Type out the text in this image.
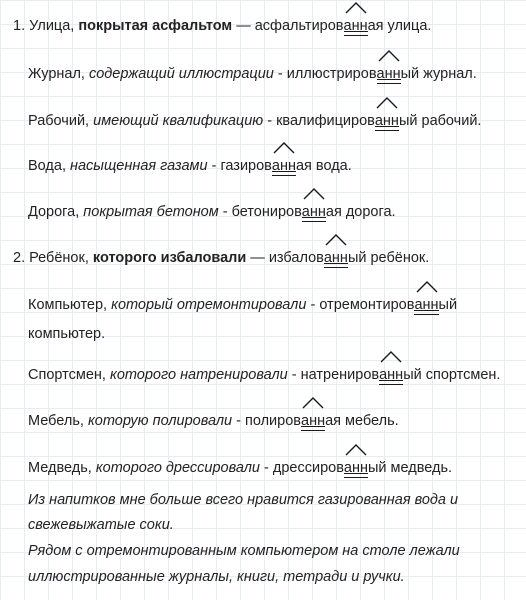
1. Улица, покрытая асфальтом — асфальтиров
анн
ая улица.
Журнал, содержащий иллюстрации - иллюстриров
анн
ый журнал.
Рабочий, имеющий квалификацию - квалифициров
анн
ый рабочий.
Вода, насыщенная газами - газиров
анн
ая вода.
Дорога, покрытая бетоном - бетониров
анн
ая дорога.
2. Ребёнок, которого избаловали — избалов
анн
ый ребёнок.
Компьютер, который отремонтировали - отремонтиров
анн
ый
компьютер.
Спортсмен, которого натренировали - натрениров
анн
ый спортсмен.
Мебель, которую полировали - полиров
анн
ая мебель.
Медведь, которого дрессировали - дрессиров
анн
ый медведь.
Из напитков мне больше всего нравится газированная вода и
свежевыжатые соки.
Рядом с отремонтированным компьютером на столе лежали
иллюстрированные журналы, книги, тетради и ручки.
